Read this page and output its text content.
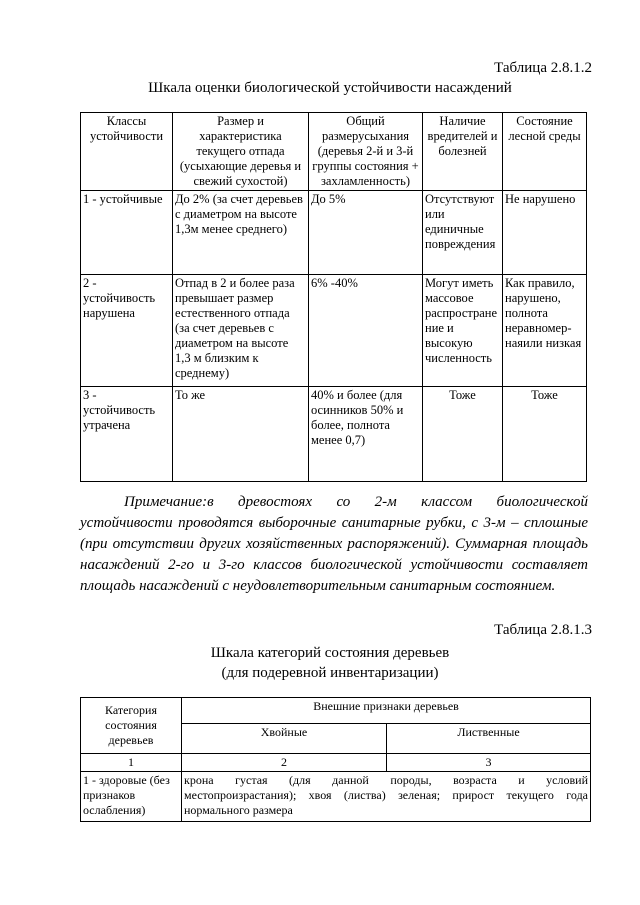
Таблица 2.8.1.2
Шкала оценки биологической устойчивости насаждений
Классы устойчивости	Размер и характеристика текущего отпада (усыхающие деревья и свежий сухостой)	Общий размерусыхания (деревья 2-й и 3-й группы состояния + захламленность)	Наличие вредителей и болезней	Состояние лесной среды
1 - устойчивые	До 2% (за счет деревьев с диаметром на высоте 1,3м менее среднего)	До 5%	Отсутствуют или единичные повреждения	Не нарушено
2 - устойчивость нарушена	Отпад в 2 и более раза превышает размер естественного отпада (за счет деревьев с диаметром на высоте 1,3 м близким к среднему)	6% -40%	Могут иметь массовое распростране ние и высокую численность	Как правило, нарушено, полнота неравномер-наяили низкая
3 - устойчивость утрачена	То же	40% и более (для осинников 50% и более, полнота менее 0,7)	Тоже	Тоже

Примечание:в древостоях со 2-м классом биологической

устойчивости проводятся выборочные санитарные рубки, с 3-м – сплошные (при отсутствии других хозяйственных распоряжений). Суммарная площадь насаждений 2-го и 3-го классов биологической устойчивости составляет площадь насаждений с неудовлетворительным санитарным состоянием.

Таблица 2.8.1.3
Шкала категорий состояния деревьев
(для подеревной инвентаризации)
Категория состояния деревьев	Внешние признаки деревьев	
	Хвойные	Лиственные
1	2	3
1 - здоровые (без признаков ослабления)	крона густая (для данной породы, возраста и условий
местопроизрастания); хвоя (листва) зеленая; прирост текущего года
нормального размера	
